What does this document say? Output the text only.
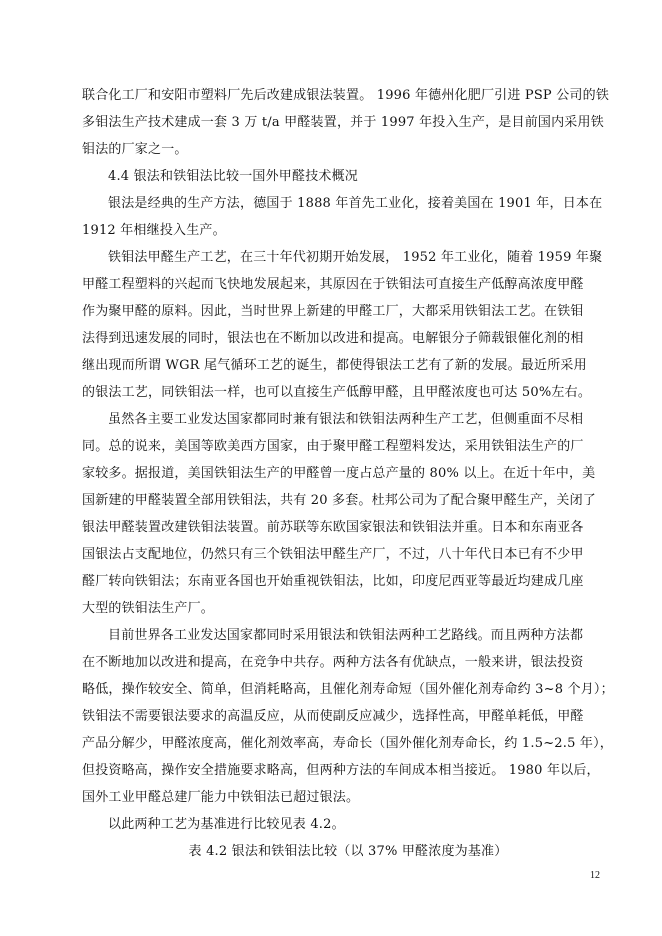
联合化工厂和安阳市塑料厂先后改建成银法装置。 1996 年德州化肥厂引进 PSP 公司的铁
多钼法生产技术建成一套 3 万 t/a 甲醛装置，并于 1997 年投入生产，是目前国内采用铁
钼法的厂家之一。
4.4 银法和铁钼法比较一国外甲醛技术概况
银法是经典的生产方法，德国于 1888 年首先工业化，接着美国在 1901 年，日本在
1912 年相继投入生产。
铁钼法甲醛生产工艺，在三十年代初期开始发展， 1952 年工业化，随着 1959 年聚
甲醛工程塑料的兴起而飞快地发展起来，其原因在于铁钼法可直接生产低醇高浓度甲醛
作为聚甲醛的原料。因此，当时世界上新建的甲醛工厂，大都采用铁钼法工艺。在铁钼
法得到迅速发展的同时，银法也在不断加以改进和提高。电解银分子筛载银催化剂的相
继出现而所谓 WGR 尾气循环工艺的诞生，都使得银法工艺有了新的发展。最近所采用
的银法工艺，同铁钼法一样，也可以直接生产低醇甲醛，且甲醛浓度也可达 50%左右。
虽然各主要工业发达国家都同时兼有银法和铁钼法两种生产工艺，但侧重面不尽相
同。总的说来，美国等欧美西方国家，由于聚甲醛工程塑料发达，采用铁钼法生产的厂
家较多。据报道，美国铁钼法生产的甲醛曾一度占总产量的 80% 以上。在近十年中，美
国新建的甲醛装置全部用铁钼法，共有 20 多套。杜邦公司为了配合聚甲醛生产，关闭了
银法甲醛装置改建铁钼法装置。前苏联等东欧国家银法和铁钼法并重。日本和东南亚各
国银法占支配地位，仍然只有三个铁钼法甲醛生产厂，不过，八十年代日本已有不少甲
醛厂转向铁钼法；东南亚各国也开始重视铁钼法，比如，印度尼西亚等最近均建成几座
大型的铁钼法生产厂。
目前世界各工业发达国家都同时采用银法和铁钼法两种工艺路线。而且两种方法都
在不断地加以改进和提高，在竞争中共存。两种方法各有优缺点，一般来讲，银法投资
略低，操作较安全、简单，但消耗略高，且催化剂寿命短（国外催化剂寿命约 3~8 个月）；
铁钼法不需要银法要求的高温反应，从而使副反应减少，选择性高，甲醛单耗低，甲醛
产品分解少，甲醛浓度高，催化剂效率高，寿命长（国外催化剂寿命长，约 1.5~2.5 年），
但投资略高，操作安全措施要求略高，但两种方法的车间成本相当接近。 1980 年以后，
国外工业甲醛总建厂能力中铁钼法已超过银法。
以此两种工艺为基准进行比较见表 4.2。
表 4.2 银法和铁钼法比较（以 37% 甲醛浓度为基准）
12
